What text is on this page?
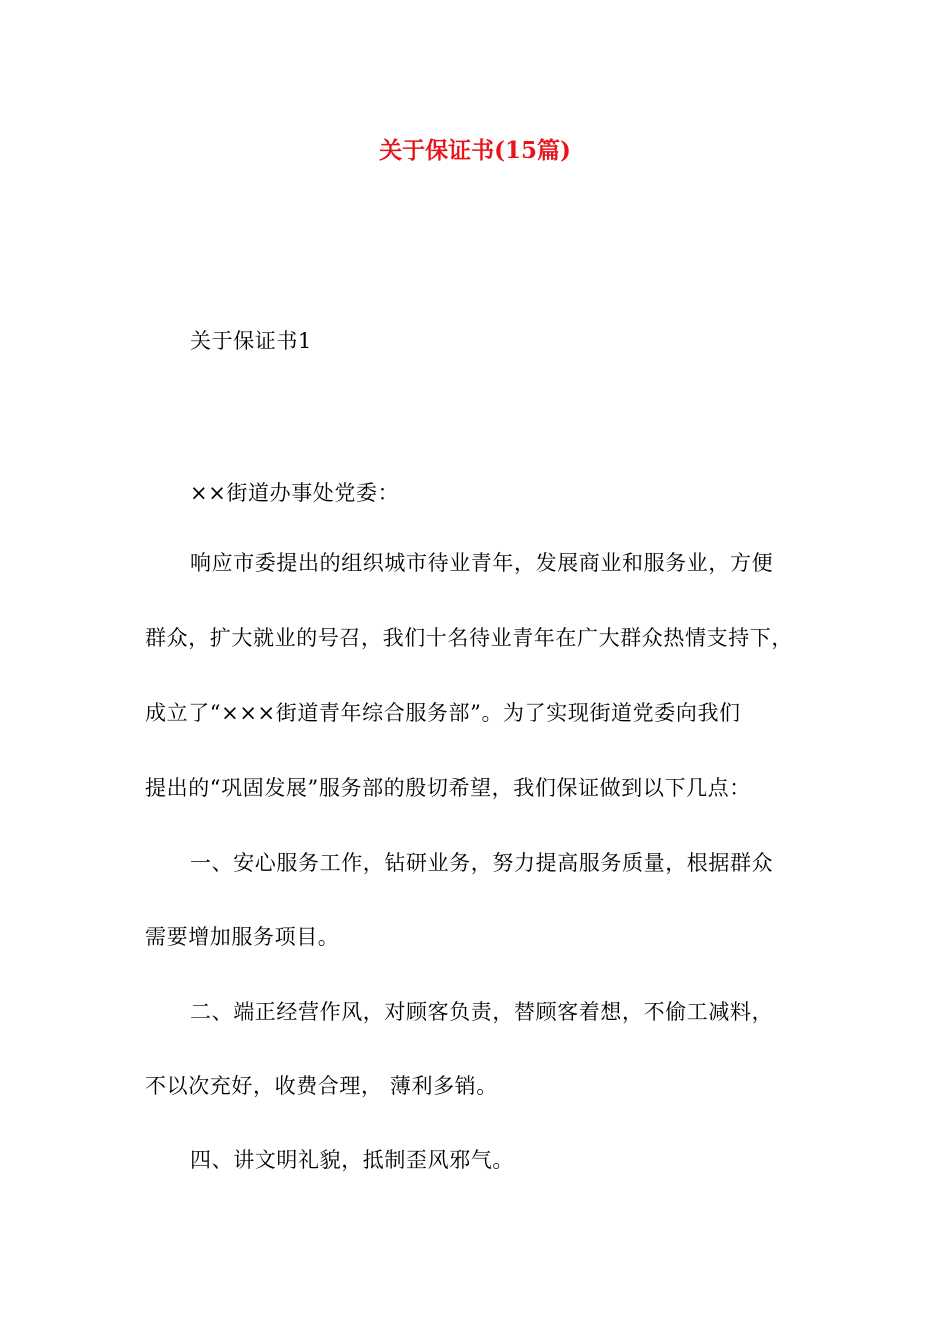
关于保证书(15篇)
关于保证书1
××街道办事处党委：
响应市委提出的组织城市待业青年，发展商业和服务业，方便
群众，扩大就业的号召，我们十名待业青年在广大群众热情支持下，
成立了“×××街道青年综合服务部”。为了实现街道党委向我们
提出的“巩固发展”服务部的殷切希望，我们保证做到以下几点：
一、安心服务工作，钻研业务，努力提高服务质量，根据群众
需要增加服务项目。
二、端正经营作风，对顾客负责，替顾客着想，不偷工减料，
不以次充好，收费合理， 薄利多销。
四、讲文明礼貌，抵制歪风邪气。
